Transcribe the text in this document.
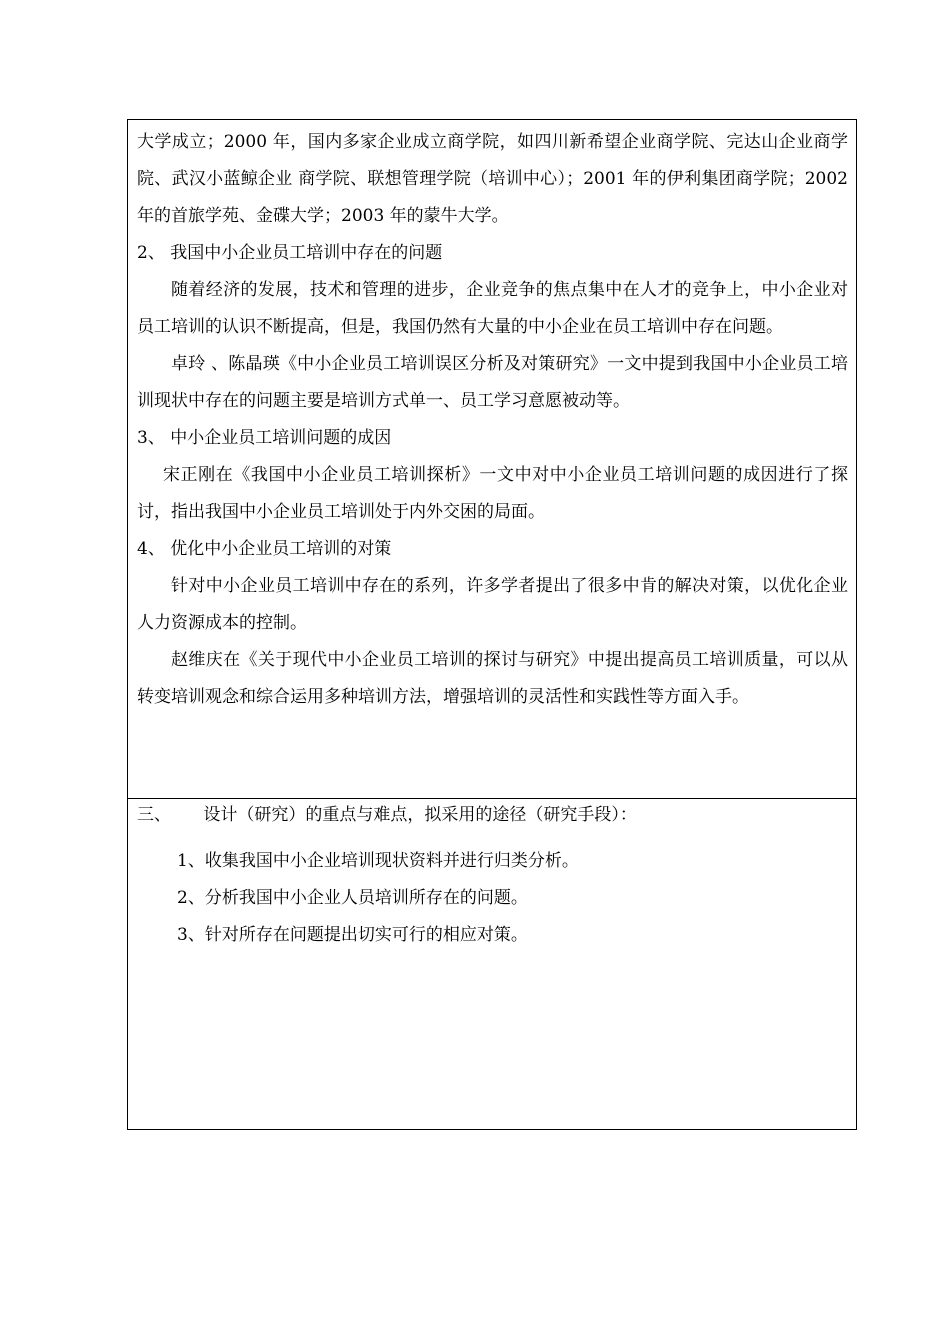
大学成立；2000 年，国内多家企业成立商学院，如四川新希望企业商学院、完达山企业商学院、武汉小蓝鲸企业 商学院、联想管理学院（培训中心）；2001 年的伊利集团商学院；2002 年的首旅学苑、金碟大学；2003 年的蒙牛大学。

2、 我国中小企业员工培训中存在的问题

随着经济的发展，技术和管理的进步，企业竞争的焦点集中在人才的竞争上，中小企业对员工培训的认识不断提高，但是，我国仍然有大量的中小企业在员工培训中存在问题。

卓玲 、陈晶瑛《中小企业员工培训误区分析及对策研究》一文中提到我国中小企业员工培训现状中存在的问题主要是培训方式单一、员工学习意愿被动等。

3、 中小企业员工培训问题的成因

宋正刚在《我国中小企业员工培训探析》一文中对中小企业员工培训问题的成因进行了探讨，指出我国中小企业员工培训处于内外交困的局面。

4、 优化中小企业员工培训的对策

针对中小企业员工培训中存在的系列，许多学者提出了很多中肯的解决对策，以优化企业人力资源成本的控制。

赵维庆在《关于现代中小企业员工培训的探讨与研究》中提出提高员工培训质量，可以从转变培训观念和综合运用多种培训方法，增强培训的灵活性和实践性等方面入手。

三、      设计（研究）的重点与难点，拟采用的途径（研究手段）：

1、收集我国中小企业培训现状资料并进行归类分析。

2、分析我国中小企业人员培训所存在的问题。

3、针对所存在问题提出切实可行的相应对策。
